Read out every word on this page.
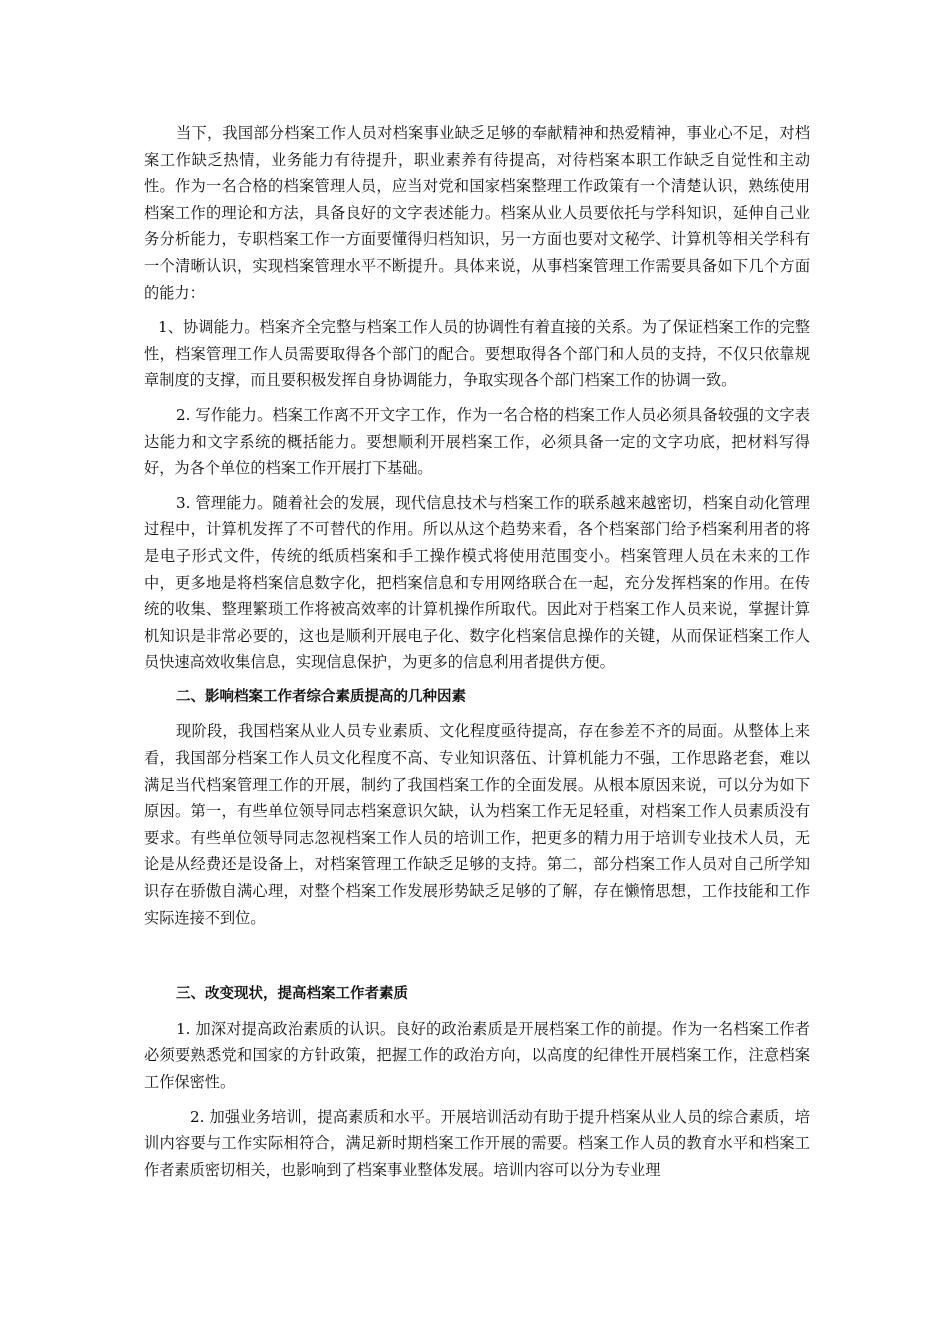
当下，我国部分档案工作人员对档案事业缺乏足够的奉献精神和热爱精神，事业心不足，对档案工作缺乏热情，业务能力有待提升，职业素养有待提高，对待档案本职工作缺乏自觉性和主动性。作为一名合格的档案管理人员，应当对党和国家档案整理工作政策有一个清楚认识，熟练使用档案工作的理论和方法，具备良好的文字表述能力。档案从业人员要依托与学科知识，延伸自己业务分析能力，专职档案工作一方面要懂得归档知识，另一方面也要对文秘学、计算机等相关学科有一个清晰认识，实现档案管理水平不断提升。具体来说，从事档案管理工作需要具备如下几个方面的能力：

1、协调能力。档案齐全完整与档案工作人员的协调性有着直接的关系。为了保证档案工作的完整性，档案管理工作人员需要取得各个部门的配合。要想取得各个部门和人员的支持，不仅只依靠规章制度的支撑，而且要积极发挥自身协调能力，争取实现各个部门档案工作的协调一致。

2. 写作能力。档案工作离不开文字工作，作为一名合格的档案工作人员必须具备较强的文字表达能力和文字系统的概括能力。要想顺利开展档案工作，必须具备一定的文字功底，把材料写得好，为各个单位的档案工作开展打下基础。

3. 管理能力。随着社会的发展，现代信息技术与档案工作的联系越来越密切，档案自动化管理过程中，计算机发挥了不可替代的作用。所以从这个趋势来看，各个档案部门给予档案利用者的将是电子形式文件，传统的纸质档案和手工操作模式将使用范围变小。档案管理人员在未来的工作中，更多地是将档案信息数字化，把档案信息和专用网络联合在一起，充分发挥档案的作用。在传统的收集、整理繁琐工作将被高效率的计算机操作所取代。因此对于档案工作人员来说，掌握计算机知识是非常必要的，这也是顺利开展电子化、数字化档案信息操作的关键，从而保证档案工作人员快速高效收集信息，实现信息保护，为更多的信息利用者提供方便。

二、影响档案工作者综合素质提高的几种因素

现阶段，我国档案从业人员专业素质、文化程度亟待提高，存在参差不齐的局面。从整体上来看，我国部分档案工作人员文化程度不高、专业知识落伍、计算机能力不强，工作思路老套，难以满足当代档案管理工作的开展，制约了我国档案工作的全面发展。从根本原因来说，可以分为如下原因。第一，有些单位领导同志档案意识欠缺，认为档案工作无足轻重，对档案工作人员素质没有要求。有些单位领导同志忽视档案工作人员的培训工作，把更多的精力用于培训专业技术人员，无论是从经费还是设备上，对档案管理工作缺乏足够的支持。第二，部分档案工作人员对自己所学知识存在骄傲自满心理，对整个档案工作发展形势缺乏足够的了解，存在懒惰思想，工作技能和工作实际连接不到位。

三、改变现状，提高档案工作者素质

1. 加深对提高政治素质的认识。良好的政治素质是开展档案工作的前提。作为一名档案工作者必须要熟悉党和国家的方针政策，把握工作的政治方向，以高度的纪律性开展档案工作，注意档案工作保密性。

2. 加强业务培训，提高素质和水平。开展培训活动有助于提升档案从业人员的综合素质，培训内容要与工作实际相符合，满足新时期档案工作开展的需要。档案工作人员的教育水平和档案工作者素质密切相关，也影响到了档案事业整体发展。培训内容可以分为专业理
